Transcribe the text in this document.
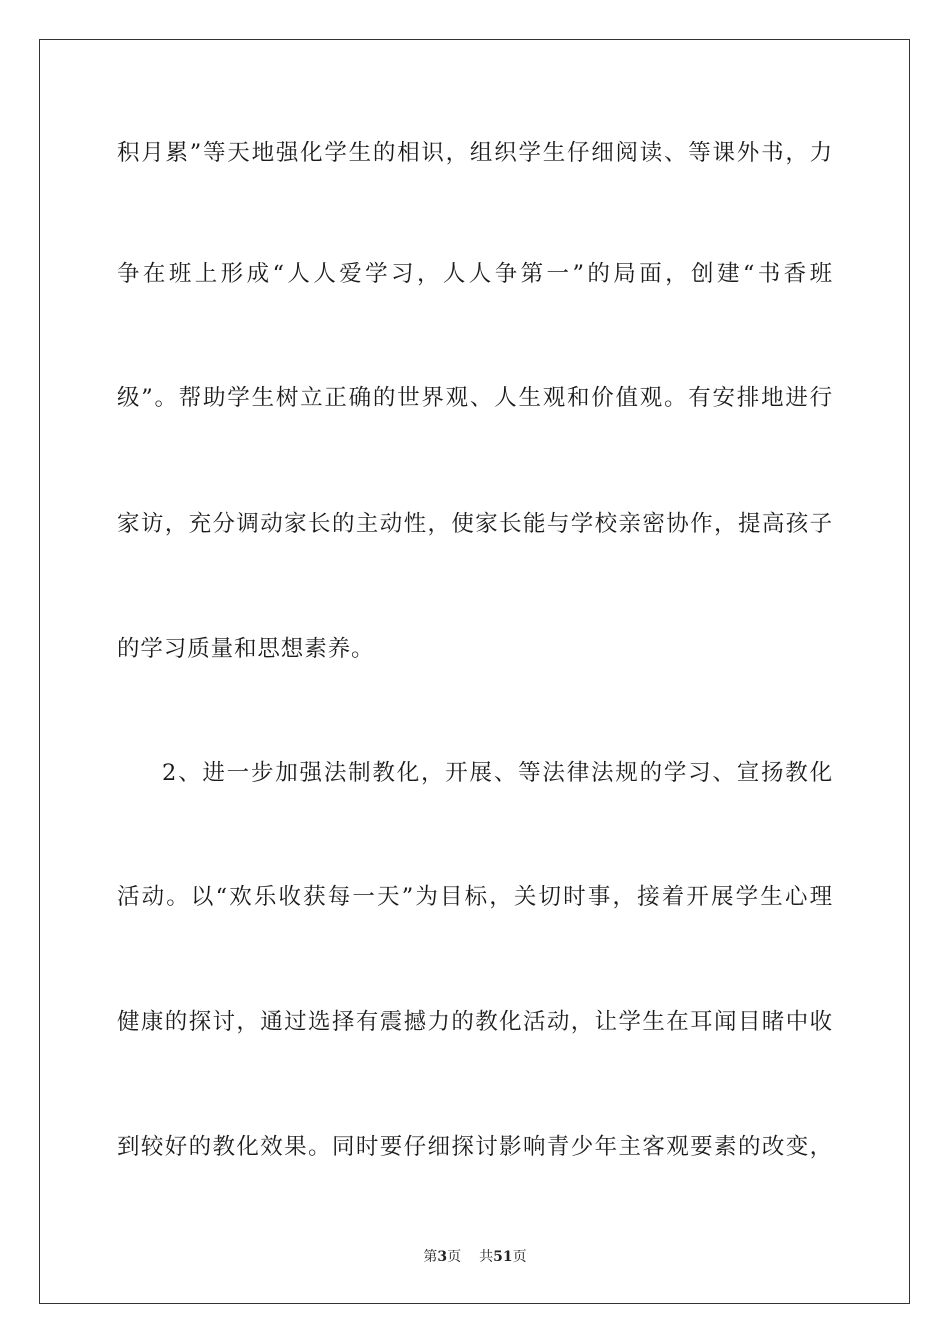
积月累”等天地强化学生的相识，组织学生仔细阅读、等课外书，力
争在班上形成“人人爱学习，人人争第一”的局面，创建“书香班
级”。帮助学生树立正确的世界观、人生观和价值观。有安排地进行
家访，充分调动家长的主动性，使家长能与学校亲密协作，提高孩子
的学习质量和思想素养。
2、进一步加强法制教化，开展、等法律法规的学习、宣扬教化
活动。以“欢乐收获每一天”为目标，关切时事，接着开展学生心理
健康的探讨，通过选择有震撼力的教化活动，让学生在耳闻目睹中收
到较好的教化效果。同时要仔细探讨影响青少年主客观要素的改变，
第3页 共51页
